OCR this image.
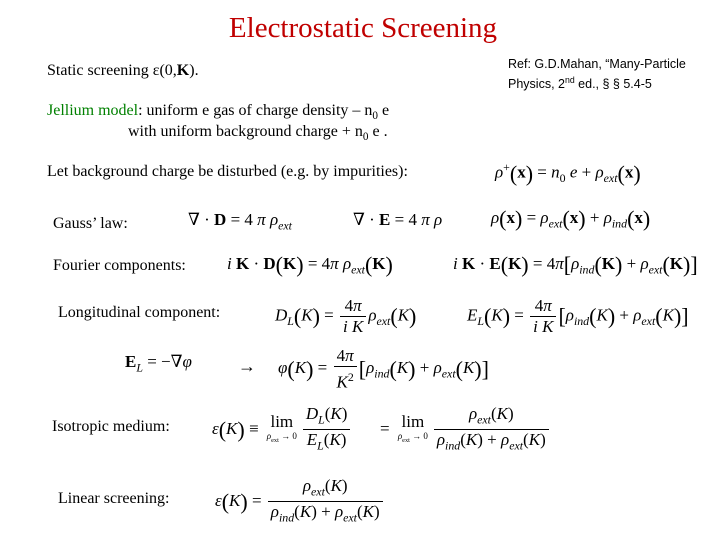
Electrostatic Screening
Ref: G.D.Mahan, “Many-Particle
Physics, 2nd ed., § § 5.4-5
Static screening ε(0,K).
Jellium model: uniform e gas of charge density – $n_0$ e
with uniform background charge + $n_0$ e .
Let background charge be disturbed (e.g. by impurities):	$\rho^+(x) = n_0$ $e + \rho_{ext}(x)$
Gauss’ law:	∇ · D = 4 π $\rho_{ext}$	∇ · E = 4 π ρ	$\rho(x) = \rho_{ext}(x) + \rho_{ind}(x)$
Fourier components: i K · D(K) = 4π $\rho_{ext}(K)$	i $K \cdot E(K) = 4\pi[\rho_{ind}(K) + \rho_{ext}(K)]$
Longitudinal component:	$D_L(K) = \frac{4\pi}{\text{i K}} \rho_{ext}(K)$	$E_L(K) = \frac{4\pi}{\text{i K}} [\rho_{ind}(K) + \rho_{ext}(K)]$
$E_L = -\nabla\varphi$	→ $\varphi(K) = \frac{4\pi}{K^2} [\rho_{ind}(K) + \rho_{ext}(K)]$
Isotropic medium: ε(K) ≡ lim
$\rho_{ext} \to 0 \frac{D_L(K)}{E_L(K)} = \lim$
$\rho_{ext} \to 0 \frac{\rho_{ext}(K)}{\rho_{ind}(K) + \rho_{ext}(K)}$
Linear screening:	$\varepsilon(K) = \frac{\rho_{ext}(K)}{\rho_{ind}(K) + \rho_{ext}(K)}$
